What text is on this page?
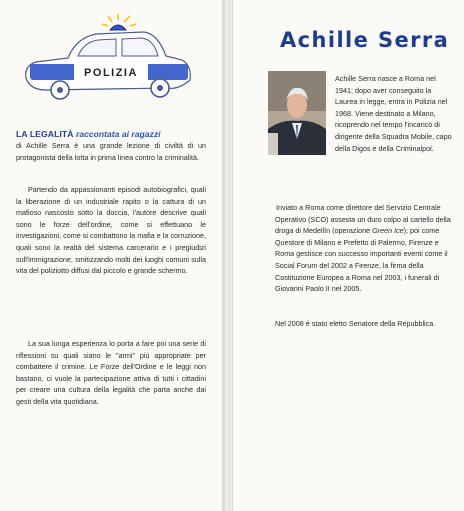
POLIZIA
LA LEGALITÀ raccontata ai ragazzi

di Achille Serra è una grande lezione di civiltà di un protagonista della lotta in prima linea contro la criminalità.

Partendo da appassionanti episodi autobiografici, quali la liberazione di un industriale rapito o la cattura di un mafioso nascosto sotto la doccia, l'autore descrive quali sono le forze dell'ordine, come si effettuano le investigazioni, come si combattono la mafia e la corruzione, quali sono la realtà del sistema carcerario e i pregiudizi sull'immigrazione, smitizzando molti dei luoghi comuni sulla vita del poliziotto diffusi dal piccolo e grande schermo.

La sua lunga esperienza lo porta a fare poi una serie di riflessioni su quali siano le "armi" più appropriate per combattere il crimine. Le Forze dell'Ordine e le leggi non bastano, ci vuole la partecipazione attiva di tutti i cittadini per creare una cultura della legalità che parta anche dai gesti della vita quotidiana.

Achille Serra

Achille Serra nasce a Roma nel 1941; dopo aver conseguito la Laurea in legge, entra in Polizia nel 1968. Viene destinato a Milano, ricoprendo nel tempo l'incarico di dirigente della Squadra Mobile, capo della Digos e della Criminalpol.

Inviato a Roma come direttore del Servizio Centrale Operativo (SCO) assesta un duro colpo al cartello della droga di Medellín (operazione Green Ice); poi come Questore di Milano e Prefetto di Palermo, Firenze e Roma gestisce con successo importanti eventi come il Social Forum del 2002 a Firenze, la firma della Costituzione Europea a Roma nel 2003, i funerali di Giovanni Paolo II nel 2005.

Nel 2008 è stato eletto Senatore della Repubblica.
